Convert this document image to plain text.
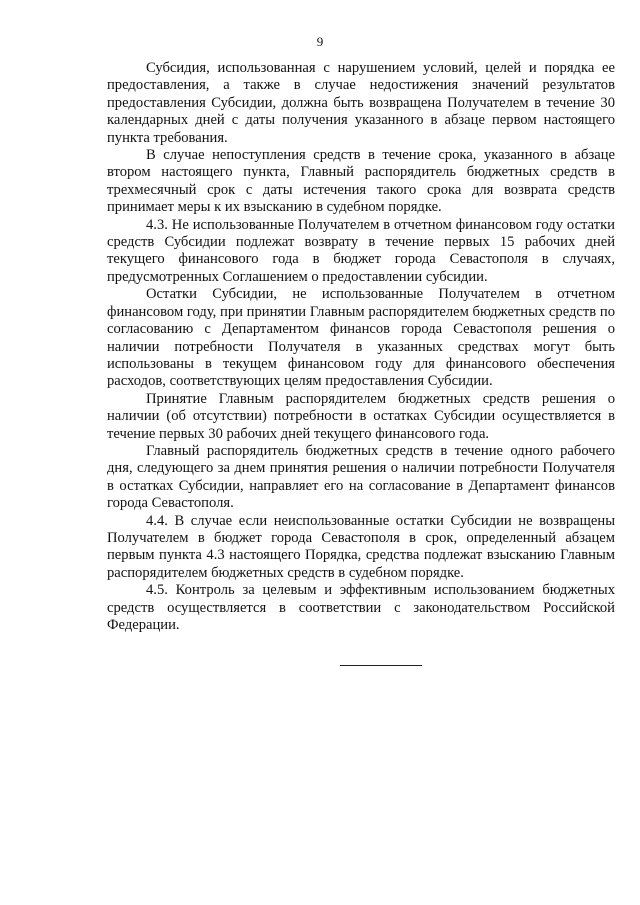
9

Субсидия, использованная с нарушением условий, целей и порядка ее предоставления, а также в случае недостижения значений результатов предоставления Субсидии, должна быть возвращена Получателем в течение 30 календарных дней с даты получения указанного в абзаце первом настоящего пункта требования.

В случае непоступления средств в течение срока, указанного в абзаце втором настоящего пункта, Главный распорядитель бюджетных средств в трехмесячный срок с даты истечения такого срока для возврата средств принимает меры к их взысканию в судебном порядке.

4.3. Не использованные Получателем в отчетном финансовом году остатки средств Субсидии подлежат возврату в течение первых 15 рабочих дней текущего финансового года в бюджет города Севастополя в случаях, предусмотренных Соглашением о предоставлении субсидии.

Остатки Субсидии, не использованные Получателем в отчетном финансовом году, при принятии Главным распорядителем бюджетных средств по согласованию с Департаментом финансов города Севастополя решения о наличии потребности Получателя в указанных средствах могут быть использованы в текущем финансовом году для финансового обеспечения расходов, соответствующих целям предоставления Субсидии.

Принятие Главным распорядителем бюджетных средств решения о наличии (об отсутствии) потребности в остатках Субсидии осуществляется в течение первых 30 рабочих дней текущего финансового года.

Главный распорядитель бюджетных средств в течение одного рабочего дня, следующего за днем принятия решения о наличии потребности Получателя в остатках Субсидии, направляет его на согласование в Департамент финансов города Севастополя.

4.4. В случае если неиспользованные остатки Субсидии не возвращены Получателем в бюджет города Севастополя в срок, определенный абзацем первым пункта 4.3 настоящего Порядка, средства подлежат взысканию Главным распорядителем бюджетных средств в судебном порядке.

4.5. Контроль за целевым и эффективным использованием бюджетных средств осуществляется в соответствии с законодательством Российской Федерации.
